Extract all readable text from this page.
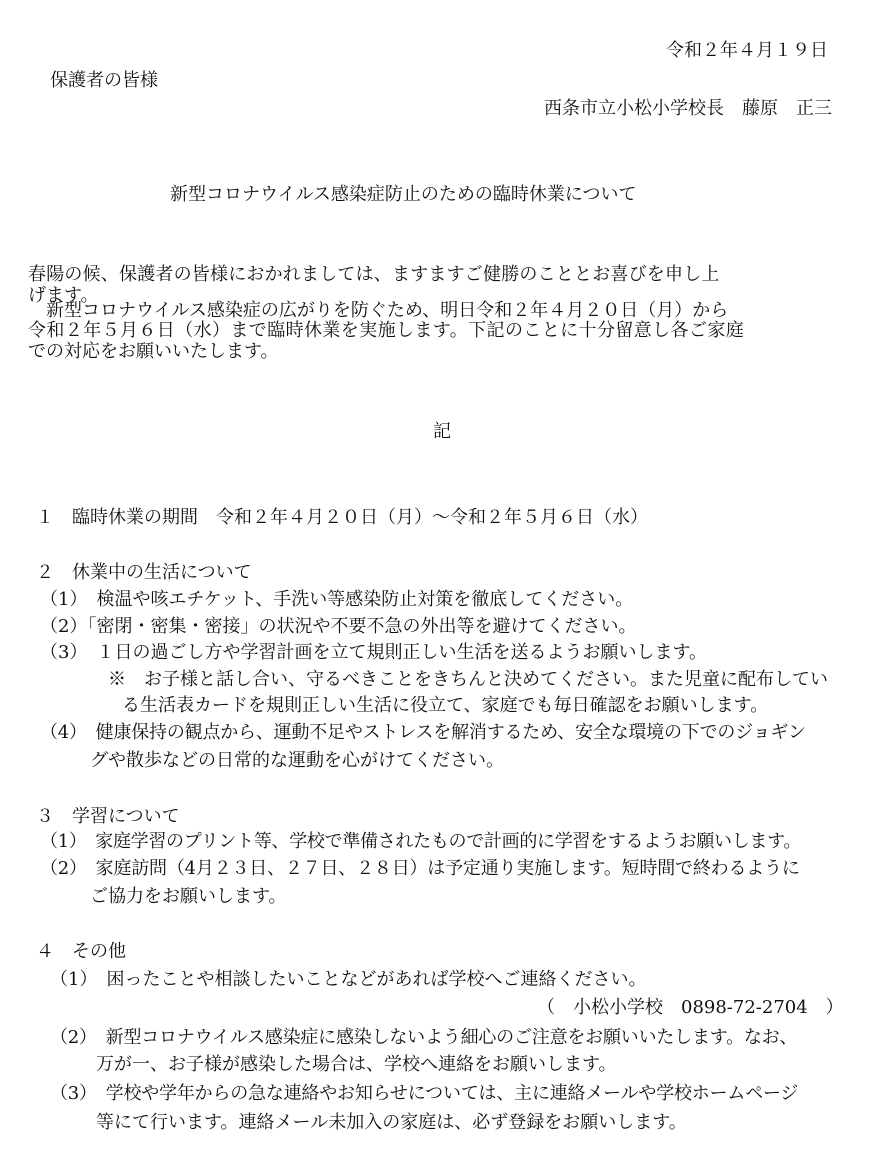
令和２年４月１９日
保護者の皆様
西条市立小松小学校長　藤原　正三
新型コロナウイルス感染症防止のための臨時休業について
春陽の候、保護者の皆様におかれましては、ますますご健勝のこととお喜びを申し上
げます。
新型コロナウイルス感染症の広がりを防ぐため、明日令和２年４月２０日（月）から
令和２年５月６日（水）まで臨時休業を実施します。下記のことに十分留意し各ご家庭
での対応をお願いいたします。
記
１　臨時休業の期間　令和２年４月２０日（月）～令和２年５月６日（水）
２　休業中の生活について
（1）　検温や咳エチケット、手洗い等感染防止対策を徹底してください。
（2）「密閉・密集・密接」の状況や不要不急の外出等を避けてください。
（3）　１日の過ごし方や学習計画を立て規則正しい生活を送るようお願いします。
※　お子様と話し合い、守るべきことをきちんと決めてください。また児童に配布してい
る生活表カードを規則正しい生活に役立て、家庭でも毎日確認をお願いします。
（4）　健康保持の観点から、運動不足やストレスを解消するため、安全な環境の下でのジョギン
グや散歩などの日常的な運動を心がけてください。
３　学習について
（1）　家庭学習のプリント等、学校で準備されたもので計画的に学習をするようお願いします。
（2）　家庭訪問（4月２３日、２７日、２８日）は予定通り実施します。短時間で終わるように
ご協力をお願いします。
４　その他
（1）　困ったことや相談したいことなどがあれば学校へご連絡ください。
（　小松小学校　0898-72-2704　）
（2）　新型コロナウイルス感染症に感染しないよう細心のご注意をお願いいたします。なお、
万が一、お子様が感染した場合は、学校へ連絡をお願いします。
（3）　学校や学年からの急な連絡やお知らせについては、主に連絡メールや学校ホームページ
等にて行います。連絡メール未加入の家庭は、必ず登録をお願いします。
